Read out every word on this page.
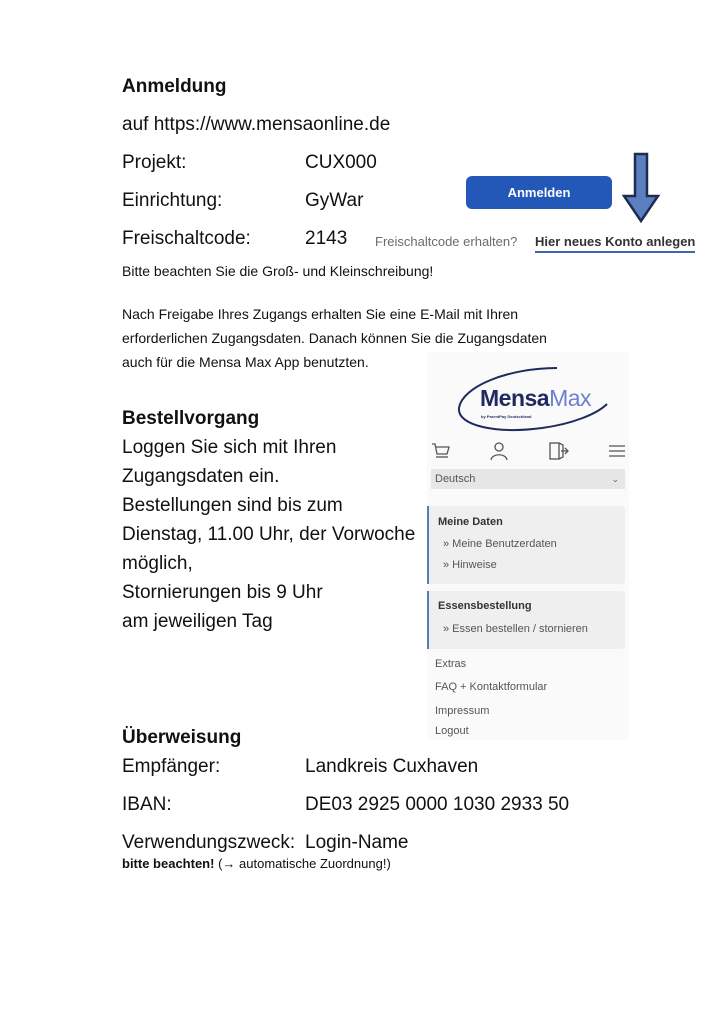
Anmeldung
auf https://www.mensaonline.de
Projekt:	CUX000
Einrichtung:	GyWar
Freischaltcode:	2143
Bitte beachten Sie die Groß- und Kleinschreibung!
Nach Freigabe Ihres Zugangs erhalten Sie eine E-Mail mit Ihren
erforderlichen Zugangsdaten. Danach können Sie die Zugangsdaten
auch für die Mensa Max App benutzten.
Anmelden
Freischaltcode erhalten? Hier neues Konto anlegen
Bestellvorgang
Loggen Sie sich mit Ihren
Zugangsdaten ein.
Bestellungen sind bis zum
Dienstag, 11.00 Uhr, der Vorwoche
möglich,
Stornierungen bis 9 Uhr
am jeweiligen Tag
MensaMax
by ParentPay Deutschland
Deutsch	⌄
Meine Daten
» Meine Benutzerdaten
» Hinweise
Essensbestellung
» Essen bestellen / stornieren
Extras
FAQ + Kontaktformular
Impressum
Logout
Überweisung
Empfänger:	Landkreis Cuxhaven
IBAN:	DE03 2925 0000 1030 2933 50
Verwendungszweck: Login-Name
bitte beachten! (→ automatische Zuordnung!)
